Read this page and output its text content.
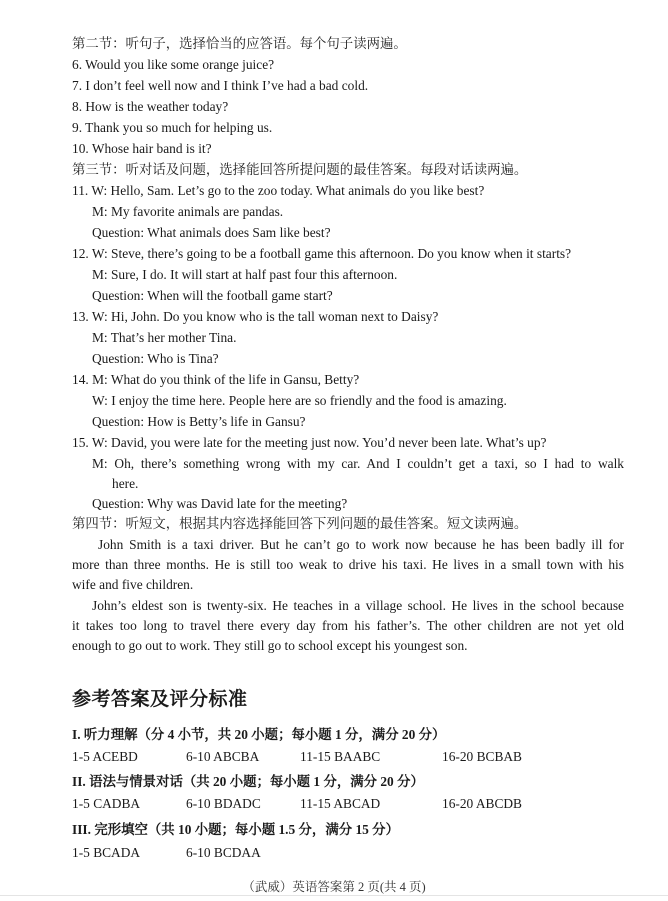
第二节：听句子，选择恰当的应答语。每个句子读两遍。
6. Would you like some orange juice?
7. I don’t feel well now and I think I’ve had a bad cold.
8. How is the weather today?
9. Thank you so much for helping us.
10. Whose hair band is it?
第三节：听对话及问题，选择能回答所提问题的最佳答案。每段对话读两遍。
11. W: Hello, Sam. Let’s go to the zoo today. What animals do you like best?
M: My favorite animals are pandas.
Question: What animals does Sam like best?
12. W: Steve, there’s going to be a football game this afternoon. Do you know when it starts?
M: Sure, I do. It will start at half past four this afternoon.
Question: When will the football game start?
13. W: Hi, John. Do you know who is the tall woman next to Daisy?
M: That’s her mother Tina.
Question: Who is Tina?
14. M: What do you think of the life in Gansu, Betty?
W: I enjoy the time here. People here are so friendly and the food is amazing.
Question: How is Betty’s life in Gansu?
15. W: David, you were late for the meeting just now. You’d never been late. What’s up?
M: Oh, there’s something wrong with my car. And I couldn’t get a taxi, so I had to walk
here.
Question: Why was David late for the meeting?
第四节：听短文，根据其内容选择能回答下列问题的最佳答案。短文读两遍。
John Smith is a taxi driver. But he can’t go to work now because he has been badly ill for
more than three months. He is still too weak to drive his taxi. He lives in a small town with his
wife and five children.
John’s eldest son is twenty-six. He teaches in a village school. He lives in the school because
it takes too long to travel there every day from his father’s. The other children are not yet old
enough to go out to work. They still go to school except his youngest son.
参考答案及评分标准
I. 听力理解（分 4 小节，共 20 小题；每小题 1 分，满分 20 分）
1-5 ACEBD	6-10 ABCBA	11-15 BAABC	16-20 BCBAB
II. 语法与情景对话（共 20 小题；每小题 1 分，满分 20 分）
1-5 CADBA	6-10 BDADC	11-15 ABCAD	16-20 ABCDB
III. 完形填空（共 10 小题；每小题 1.5 分，满分 15 分）
1-5 BCADA	6-10 BCDAA
（武威）英语答案第 2 页(共 4 页)
